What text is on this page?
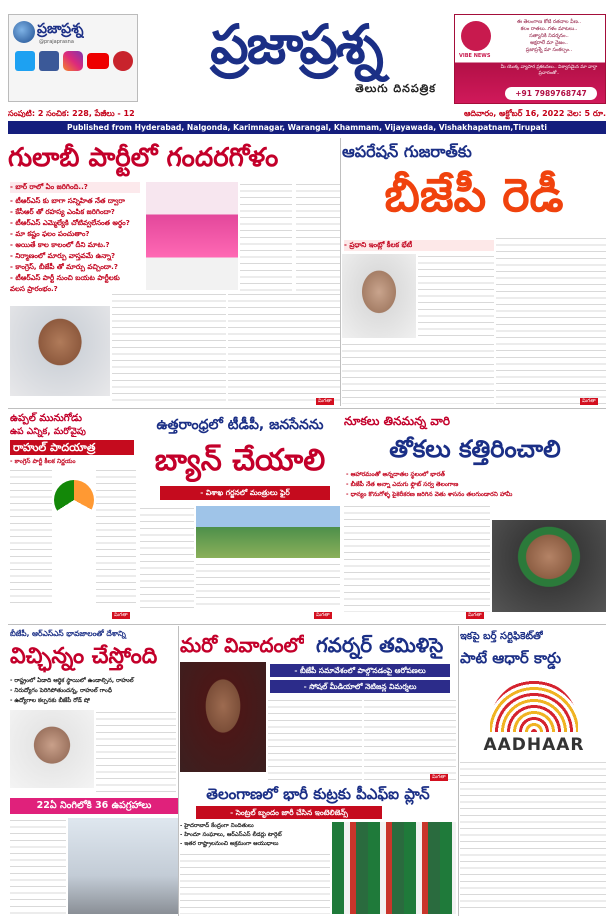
ప్రజాప్రశ్న
@prajaprasna	ప్రజాప్రశ్న
తెలుగు దినపత్రిక
VIBE NEWS
ఈ తెలంగాణ కోటి రతనాల వీణ..
కలం రాతలు..గళం మాటలు..
సత్యానికి నిదర్శనం..
అక్షరాలే మా నైజం..
ప్రజాప్రశ్నే మా సంకల్పం..
మీ యొక్క వ్యాపార ప్రకటనలు.. విశ్వాసమైన మా వార్తా ప్రచారంతో..
+91 7989768747
సంపుటి: 2 సంచిక: 228, పేజీలు - 12	ఆదివారం, అక్టోబర్ 16, 2022 వెల: 5 రూ.
Published from Hyderabad, Nalgonda, Karimnagar, Warangal, Khammam, Vijayawada, Vishakhapatnam,Tirupati
గులాబీ పార్టీలో గందరగోళం
- బార్ రాలో ఏం జరిగింది..?
- టీఆర్ఎస్ కు బాగా సన్నిహిత నేత ద్వారా
- కేసీఆర్ తో రహస్య ఎంపిక జరిగిందా?
- టీఆర్ఎస్ ఎమ్మెల్యేకి చోటివ్వలేనంత అర్థం?
- మా కష్టం ఫలం పంచుతాం?
- అయితే కాల కాలంలో దీని మాట.?
- నిర్మాణంలో మార్పు వాస్తవమే ఉన్నా?
- కాంగ్రెస్, బీజేపీ తో మార్పు వచ్చిందా.?
- టీఆర్ఎస్ పార్టీ నుంచి బయట పార్టీలకు
వలస ప్రారంభం.?
మిగతా
ఆపరేషన్ గుజరాత్‌కు
బీజేపీ రెడీ
- ప్రధాని ఇంట్లో కీలక భేటీ
మిగతా
ఉప్పల్ మునుగోడు
ఉప ఎన్నిక, మరోవైపు
రాహుల్ పాదయాత్ర
- కాంగ్రెస్ పార్టీ కీలక నిర్ణయం
మిగతా
ఉత్తరాంధ్రలో టీడీపీ, జనసేనను
బ్యాన్ చేయాలి
- విశాఖ గర్జనలో మంత్రులు ఫైర్
మిగతా
నూకలు తినమన్న వారి
తోకలు కత్తిరించాలి
- ఆహారమంతో అన్నదాతల స్థలంలో భారత్
- బీజేపీ నేత అన్నా ఎదుగు ఫ్లొట్ సర్వ తెలంగాణ
- ధాన్యం కొనుగోళ్ళ పైకెరీకరణ జరిగిన వెతు శాసనం తలగుండారని హామీ
మిగతా
బీజేపీ, ఆర్ఎస్ఎస్ భావజాలంతో దేశాన్ని
విచ్ఛిన్నం చేస్తోంది
- రాష్ట్రంలో ఏడాది ఆర్థిక స్థాయిలో ఉండాల్సిన, రాహుల్
- నిరుద్యోగం పెరిగిపోతుందన్న, రాహుల్ గాంధీ
- ఉద్యోగాల కల్పనకు బీజేపీ రోడ్ షో
22ఏ నింగిలోకి 36 ఉపగ్రహాలు
మరో వివాదంలో గవర్నర్ తమిళిసై
- బీజేపీ సమావేశంలో పాల్గొనడంపై ఆరోపణలు
- సోషల్ మీడియాలో నెటిజన్ల విమర్శలు
మిగతా
తెలంగాణలో భారీ కుట్రకు పీఎఫ్ఐ ప్లాన్
- సెంట్రల్ బృందం జారీ చేసిన ఇంటెలిజెన్స్
- హైదరాబాద్ కేంద్రంగా నిందితులు
- హిందూ సంఘాలు, ఆర్ఎస్ఎస్ లీడర్లు టార్గెట్
- ఇతర రాష్ట్రాలనుంచి అక్రమంగా ఆయుధాలు
ఇకపై బర్త్ సర్టిఫికెట్‌తో
పాటే ఆధార్ కార్డు
AADHAAR
